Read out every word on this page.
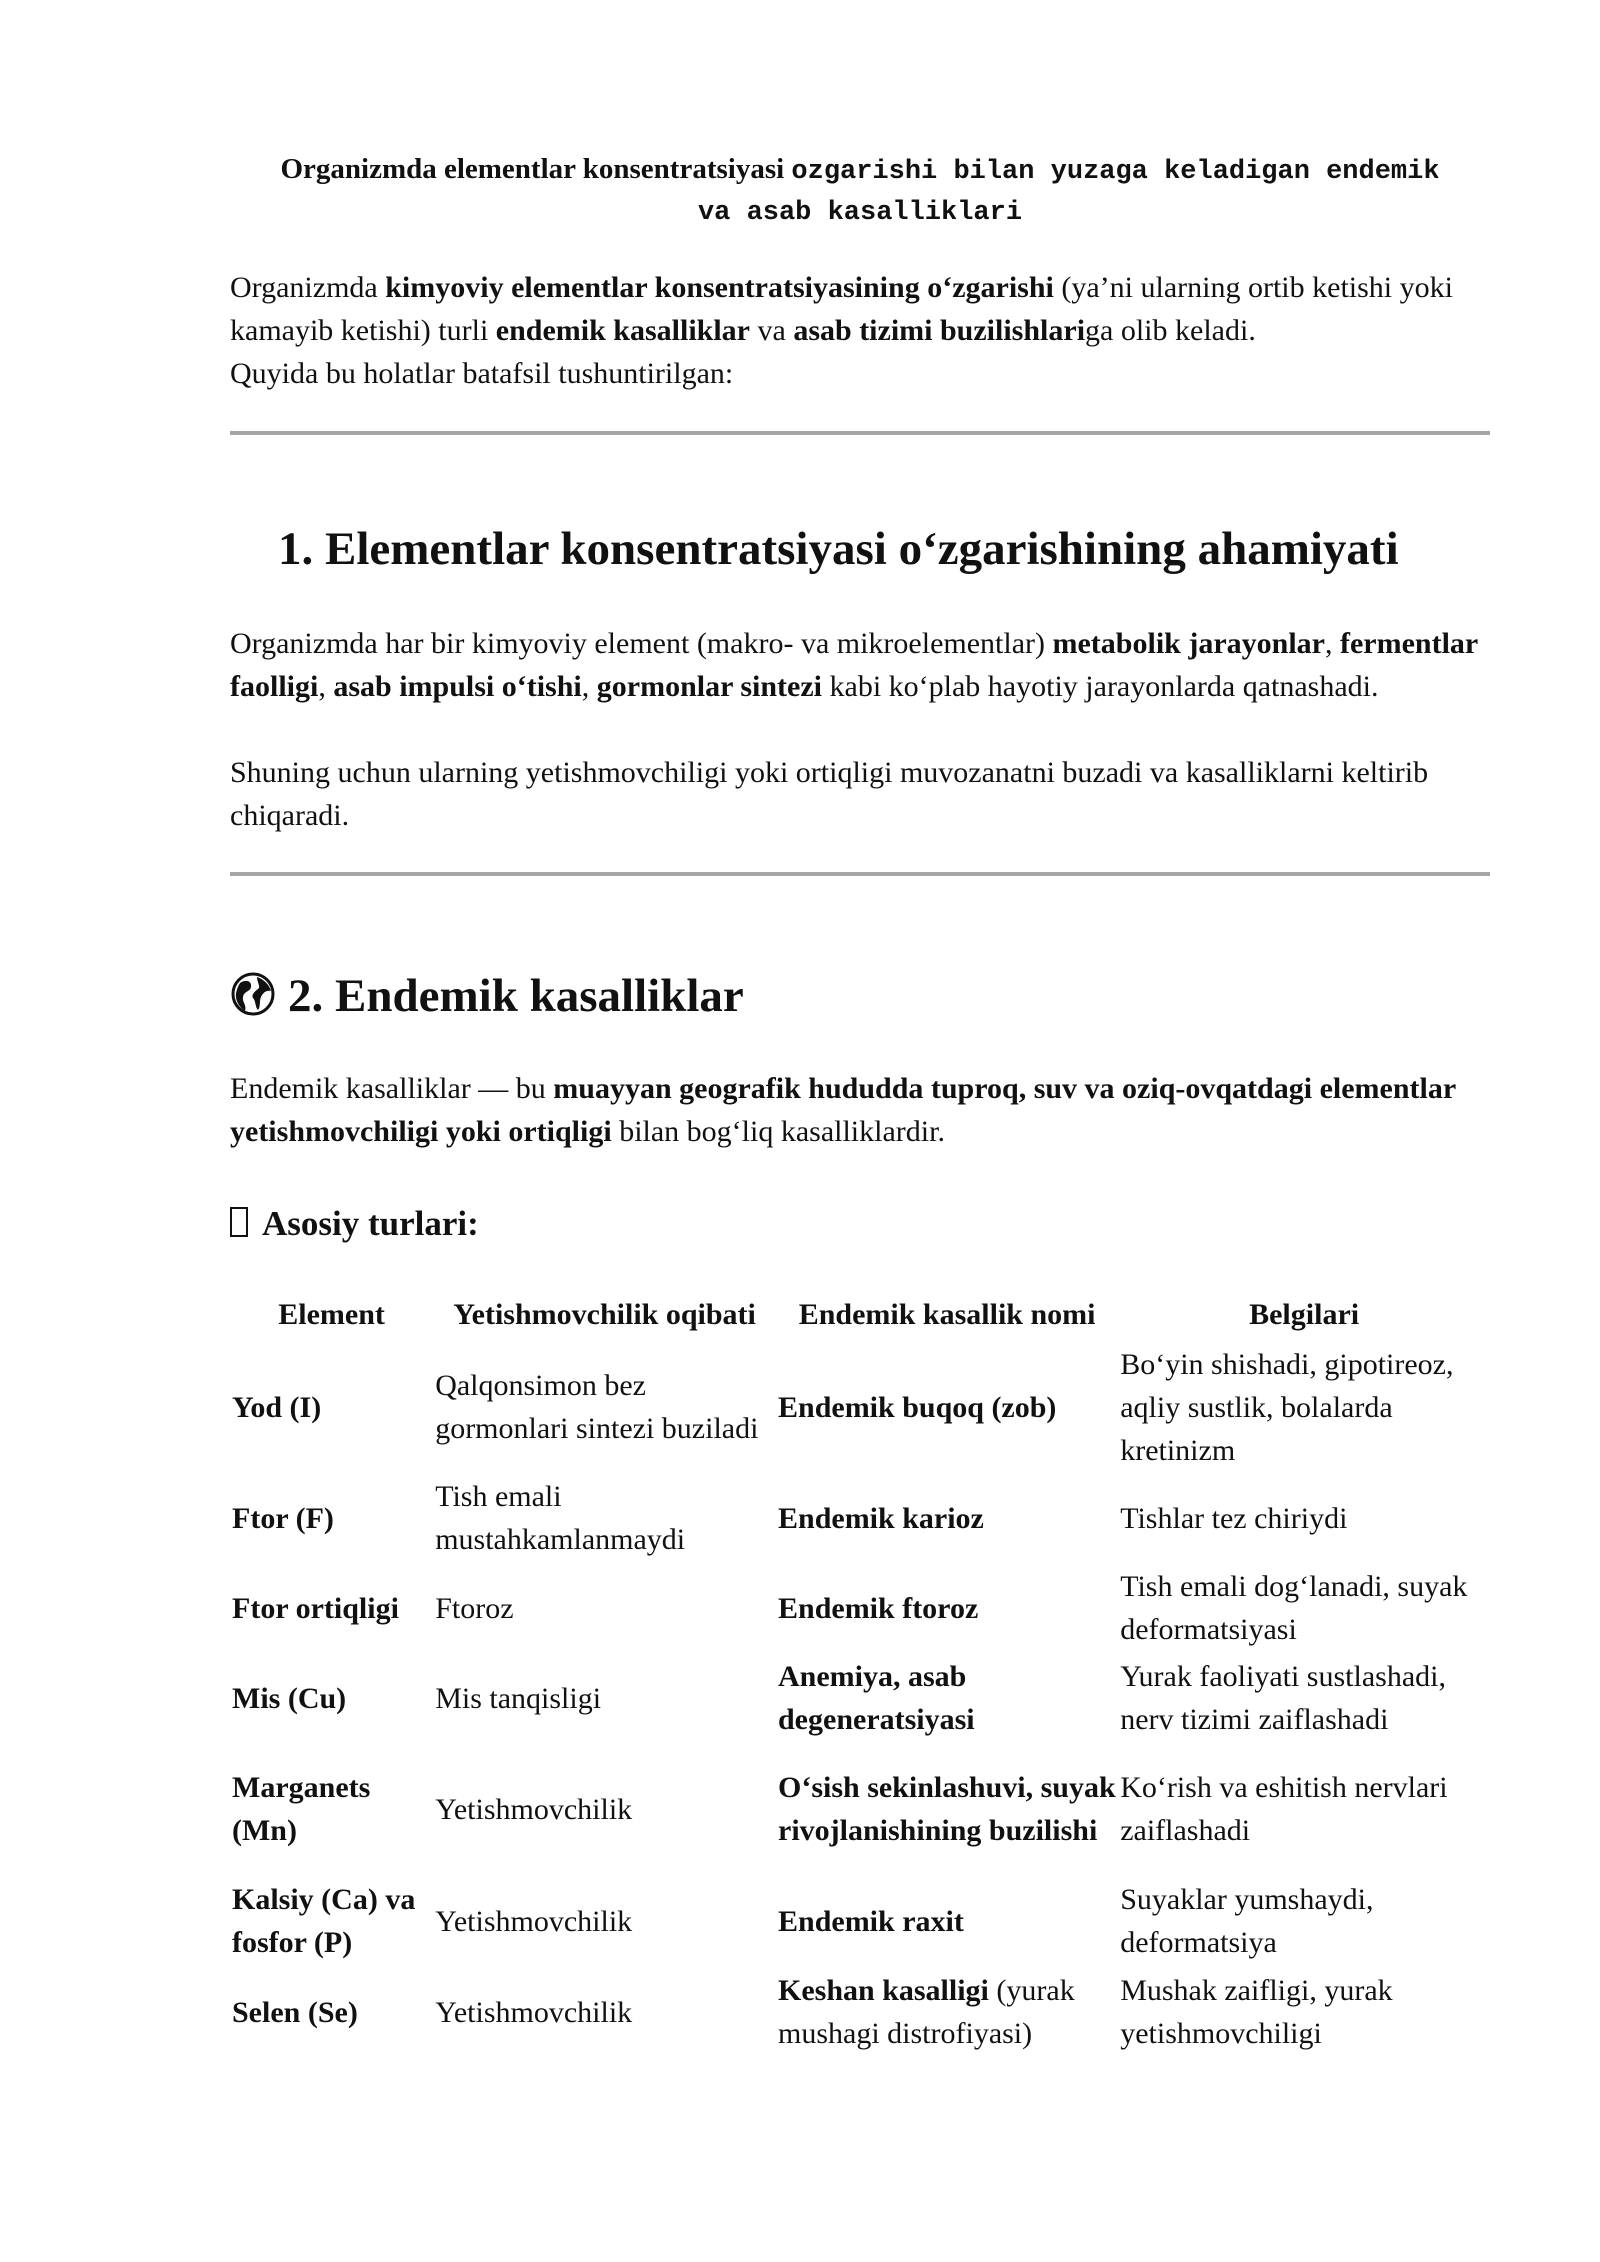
Organizmda elementlar konsentratsiyasi ozgarishi bilan yuzaga keladigan endemik
va asab kasalliklari

Organizmda kimyoviy elementlar konsentratsiyasining o‘zgarishi (ya’ni ularning ortib ketishi yoki kamayib ketishi) turli endemik kasalliklar va asab tizimi buzilishlariga olib keladi.
Quyida bu holatlar batafsil tushuntirilgan:

1. Elementlar konsentratsiyasi o‘zgarishining ahamiyati

Organizmda har bir kimyoviy element (makro- va mikroelementlar) metabolik jarayonlar, fermentlar faolligi, asab impulsi o‘tishi, gormonlar sintezi kabi ko‘plab hayotiy jarayonlarda qatnashadi.

Shuning uchun ularning yetishmovchiligi yoki ortiqligi muvozanatni buzadi va kasalliklarni keltirib chiqaradi.

2. Endemik kasalliklar

Endemik kasalliklar — bu muayyan geografik hududda tuproq, suv va oziq-ovqatdagi elementlar yetishmovchiligi yoki ortiqligi bilan bog‘liq kasalliklardir.

Asosiy turlari:
Element	Yetishmovchilik oqibati	Endemik kasallik nomi	Belgilari
Yod (I)	Qalqonsimon bez gormonlari sintezi buziladi	Endemik buqoq (zob)	Bo‘yin shishadi, gipotireoz, aqliy sustlik, bolalarda kretinizm
Ftor (F)	Tish emali mustahkamlanmaydi	Endemik karioz	Tishlar tez chiriydi
Ftor ortiqligi	Ftoroz	Endemik ftoroz	Tish emali dog‘lanadi, suyak deformatsiyasi
Mis (Cu)	Mis tanqisligi	Anemiya, asab degeneratsiyasi	Yurak faoliyati sustlashadi, nerv tizimi zaiflashadi
Marganets (Mn)	Yetishmovchilik	O‘sish sekinlashuvi, suyak rivojlanishining buzilishi	Ko‘rish va eshitish nervlari zaiflashadi
Kalsiy (Ca) va fosfor (P)	Yetishmovchilik	Endemik raxit	Suyaklar yumshaydi, deformatsiya
Selen (Se)	Yetishmovchilik	Keshan kasalligi (yurak mushagi distrofiyasi)	Mushak zaifligi, yurak yetishmovchiligi
